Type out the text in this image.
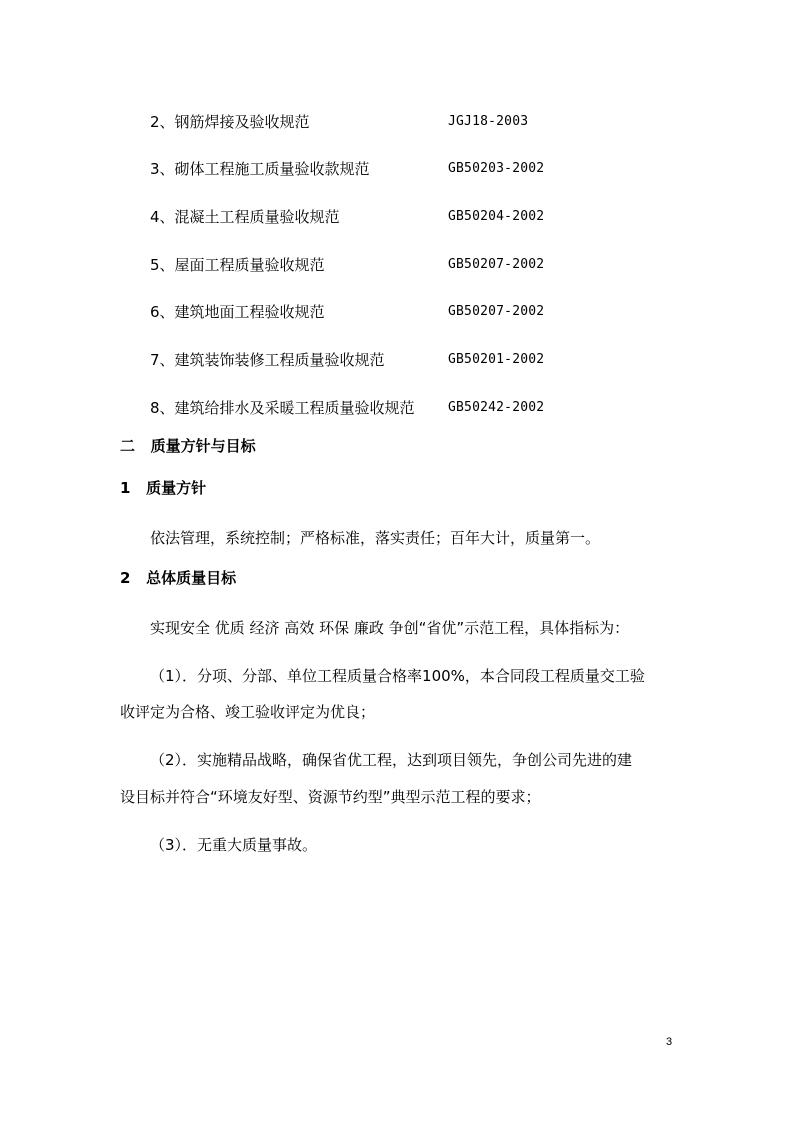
2、钢筋焊接及验收规范	JGJ18-2003
3、砌体工程施工质量验收款规范	GB50203-2002
4、混凝土工程质量验收规范	GB50204-2002
5、屋面工程质量验收规范	GB50207-2002
6、建筑地面工程验收规范	GB50207-2002
7、建筑装饰装修工程质量验收规范	GB50201-2002
8、建筑给排水及采暖工程质量验收规范	GB50242-2002
二   质量方针与目标
1   质量方针
依法管理，系统控制；严格标准，落实责任；百年大计，质量第一。
2   总体质量目标
实现安全 优质 经济 高效 环保 廉政 争创“省优”示范工程，具体指标为：
（1）．分项、分部、单位工程质量合格率100%，本合同段工程质量交工验
收评定为合格、竣工验收评定为优良；
（2）．实施精品战略，确保省优工程，达到项目领先，争创公司先进的建
设目标并符合“环境友好型、资源节约型”典型示范工程的要求；
（3）．无重大质量事故。
3
